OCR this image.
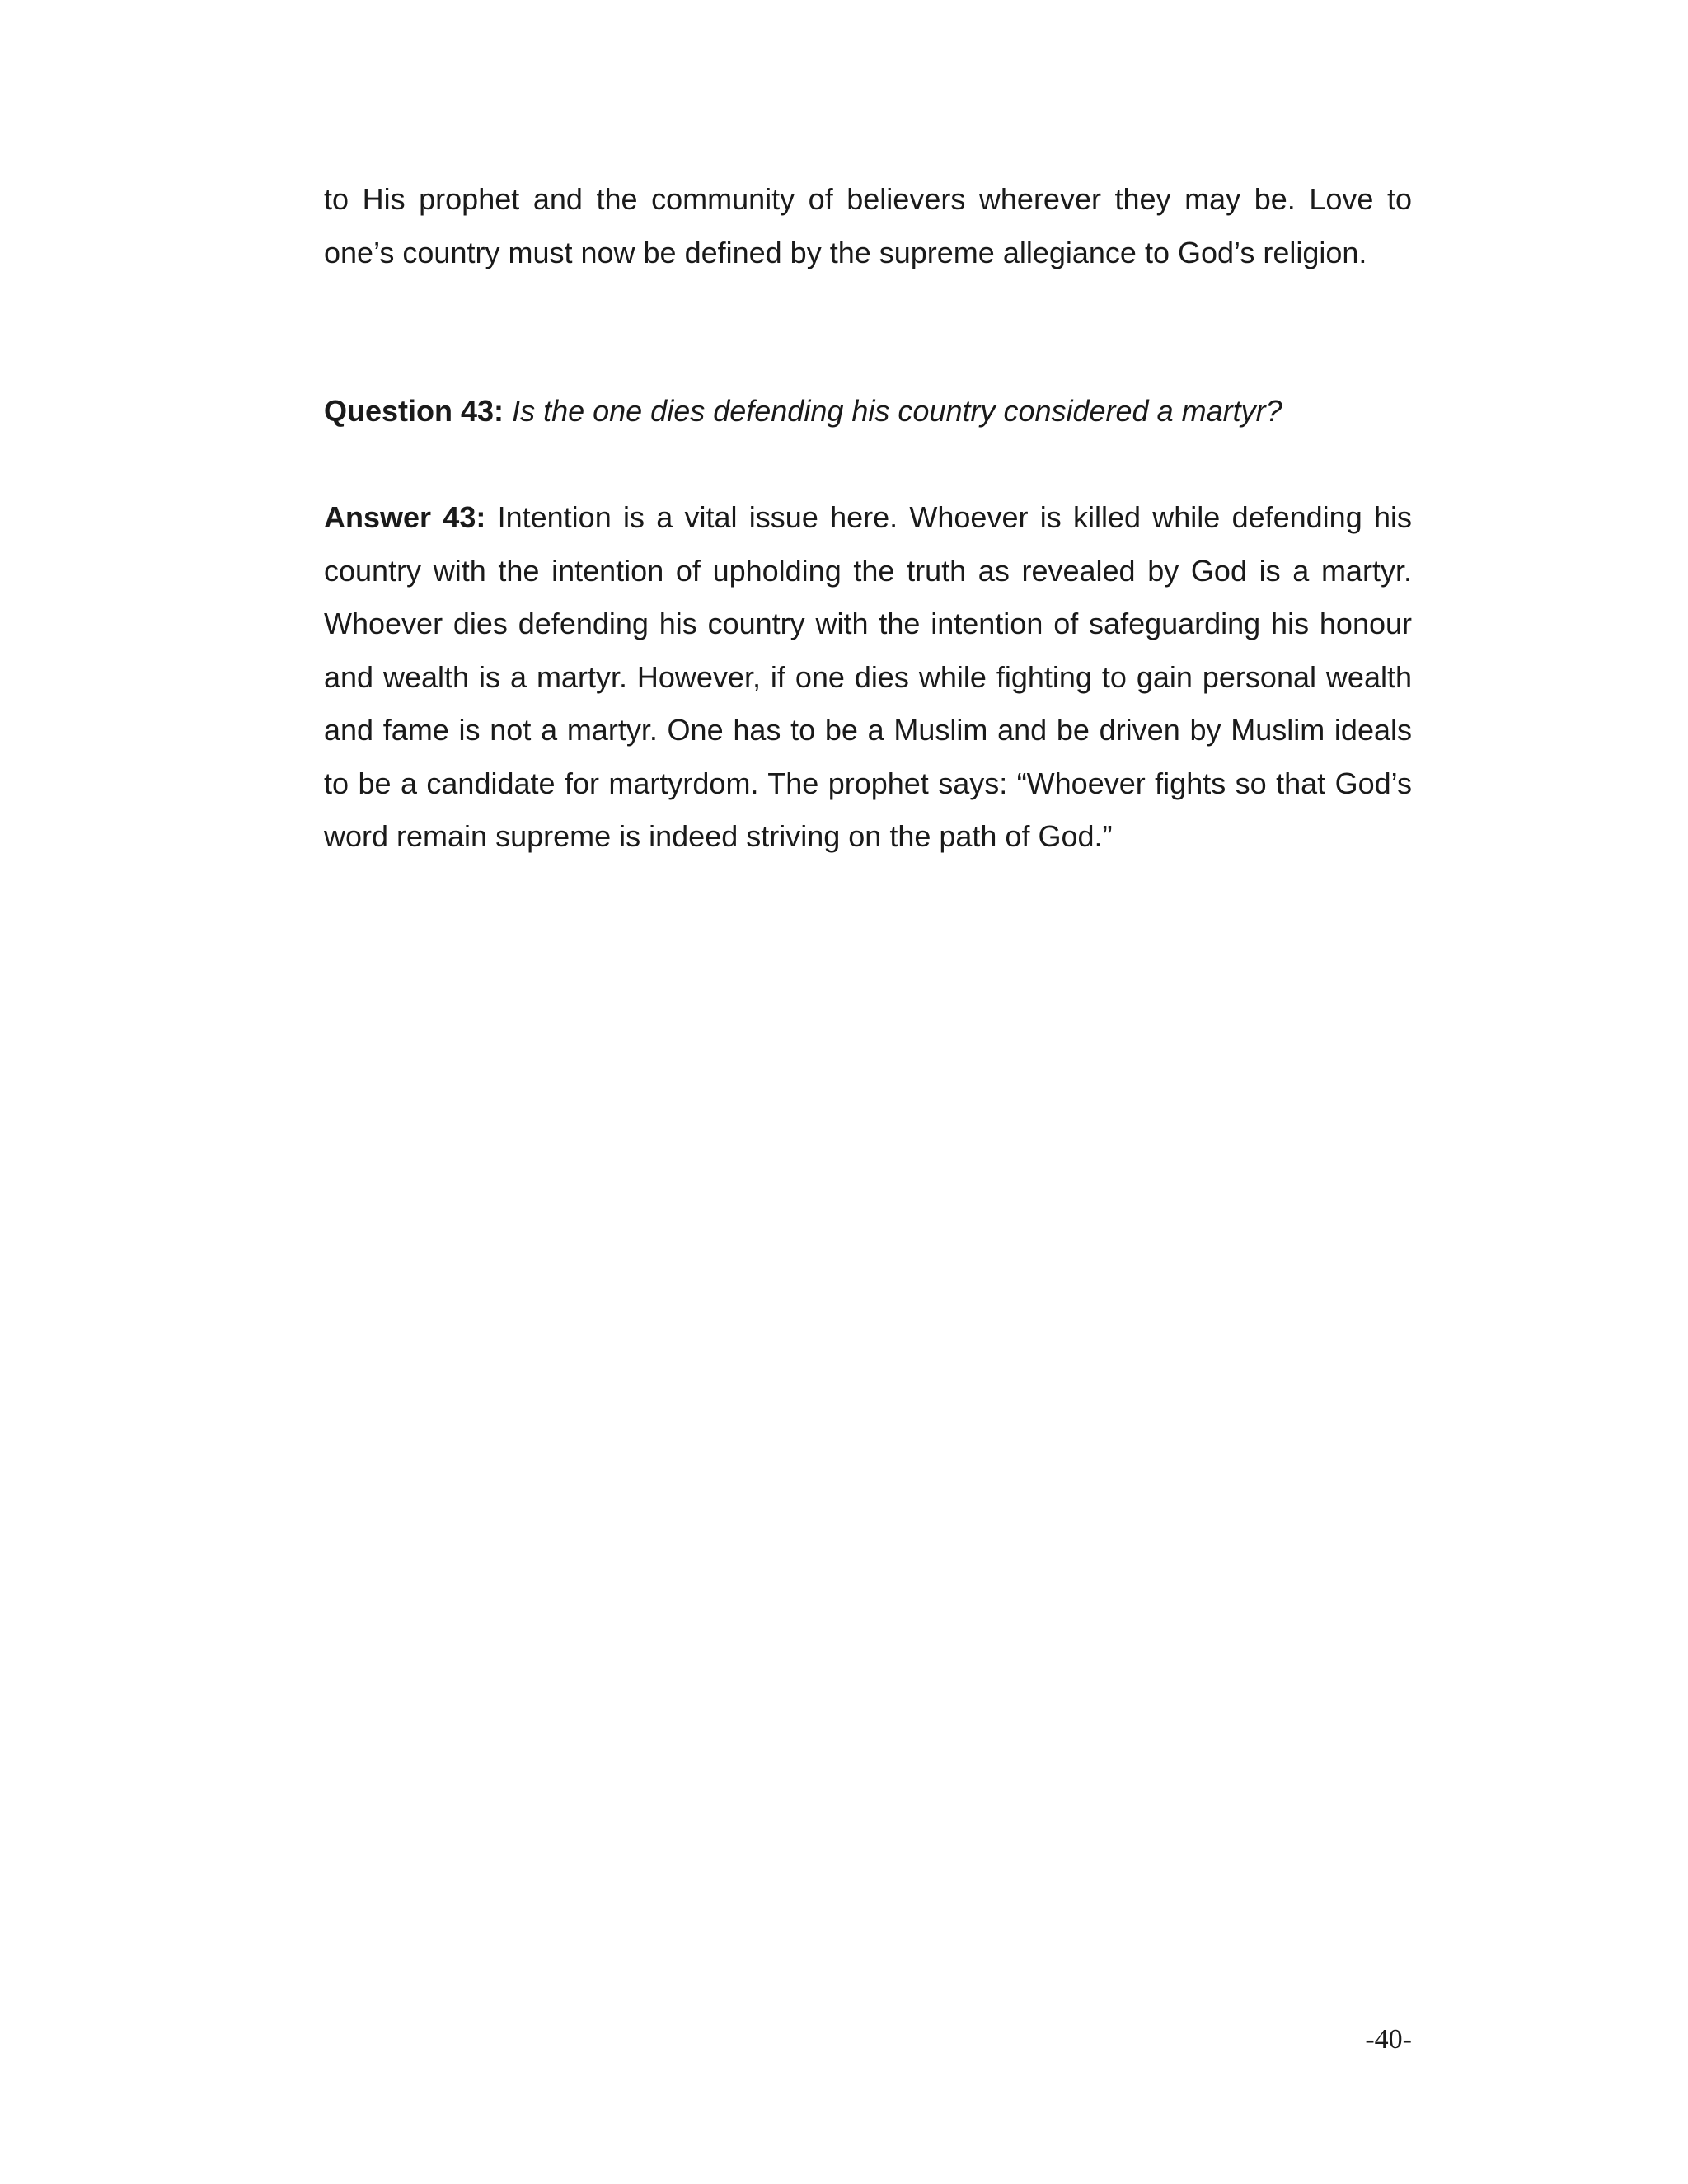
to His prophet and the community of believers wherever they may be. Love to one’s country must now be defined by the supreme allegiance to God’s religion.

Question 43: Is the one dies defending his country considered a martyr?

Answer 43: Intention is a vital issue here. Whoever is killed while defending his country with the intention of upholding the truth as revealed by God is a martyr. Whoever dies defending his country with the intention of safeguarding his honour and wealth is a martyr. However, if one dies while fighting to gain personal wealth and fame is not a martyr. One has to be a Muslim and be driven by Muslim ideals to be a candidate for martyrdom. The prophet says: “Whoever fights so that God’s word remain supreme is indeed striving on the path of God.”

-40-
